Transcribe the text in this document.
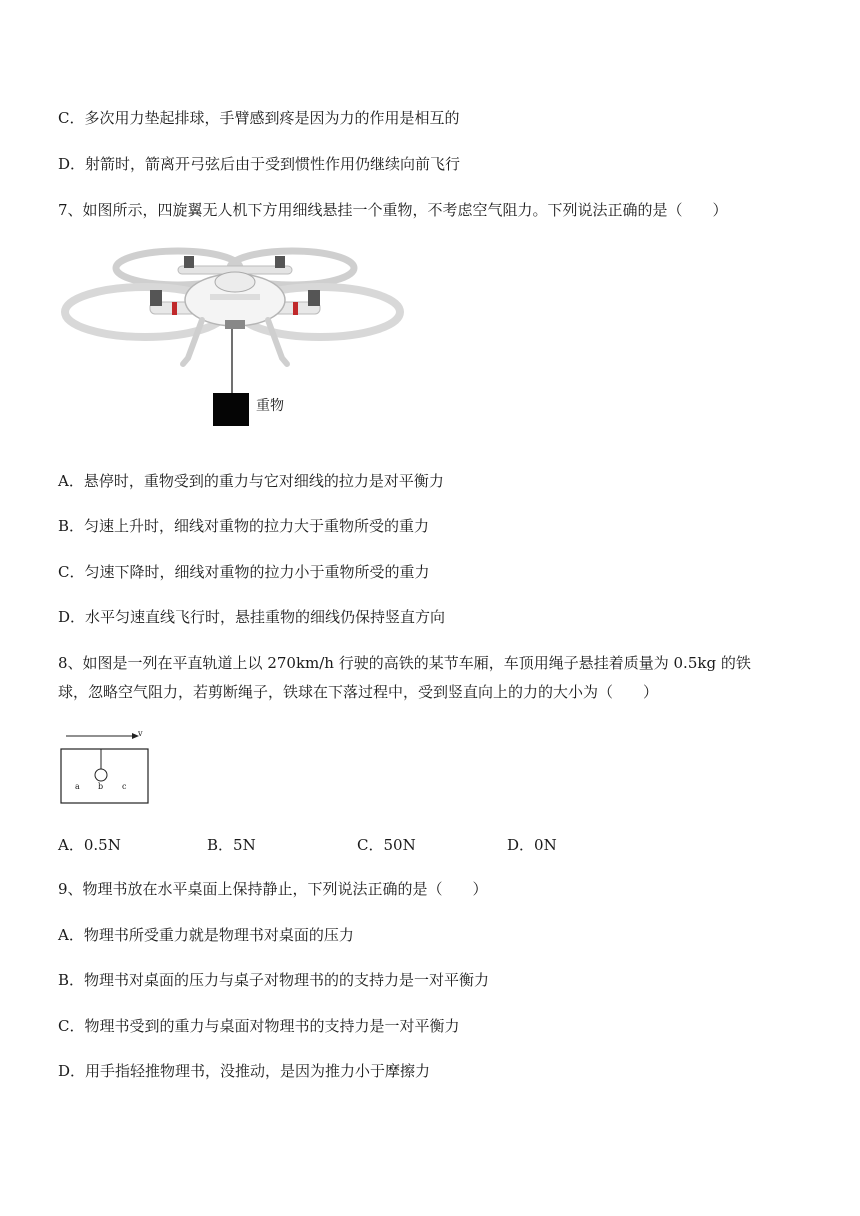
C．多次用力垫起排球，手臂感到疼是因为力的作用是相互的
D．射箭时，箭离开弓弦后由于受到惯性作用仍继续向前飞行
7、如图所示，四旋翼无人机下方用细线悬挂一个重物，不考虑空气阻力。下列说法正确的是（　　）
重物
A．悬停时，重物受到的重力与它对细线的拉力是对平衡力
B．匀速上升时，细线对重物的拉力大于重物所受的重力
C．匀速下降时，细线对重物的拉力小于重物所受的重力
D．水平匀速直线飞行时，悬挂重物的细线仍保持竖直方向
8、如图是一列在平直轨道上以 270km/h 行驶的高铁的某节车厢，车顶用绳子悬挂着质量为 0.5kg 的铁
球，忽略空气阻力，若剪断绳子，铁球在下落过程中，受到竖直向上的力的大小为（　　）
v
a b c
A．0.5N	B．5N	C．50N	D．0N
9、物理书放在水平桌面上保持静止，下列说法正确的是（　　）
A．物理书所受重力就是物理书对桌面的压力
B．物理书对桌面的压力与桌子对物理书的的支持力是一对平衡力
C．物理书受到的重力与桌面对物理书的支持力是一对平衡力
D．用手指轻推物理书，没推动，是因为推力小于摩擦力
